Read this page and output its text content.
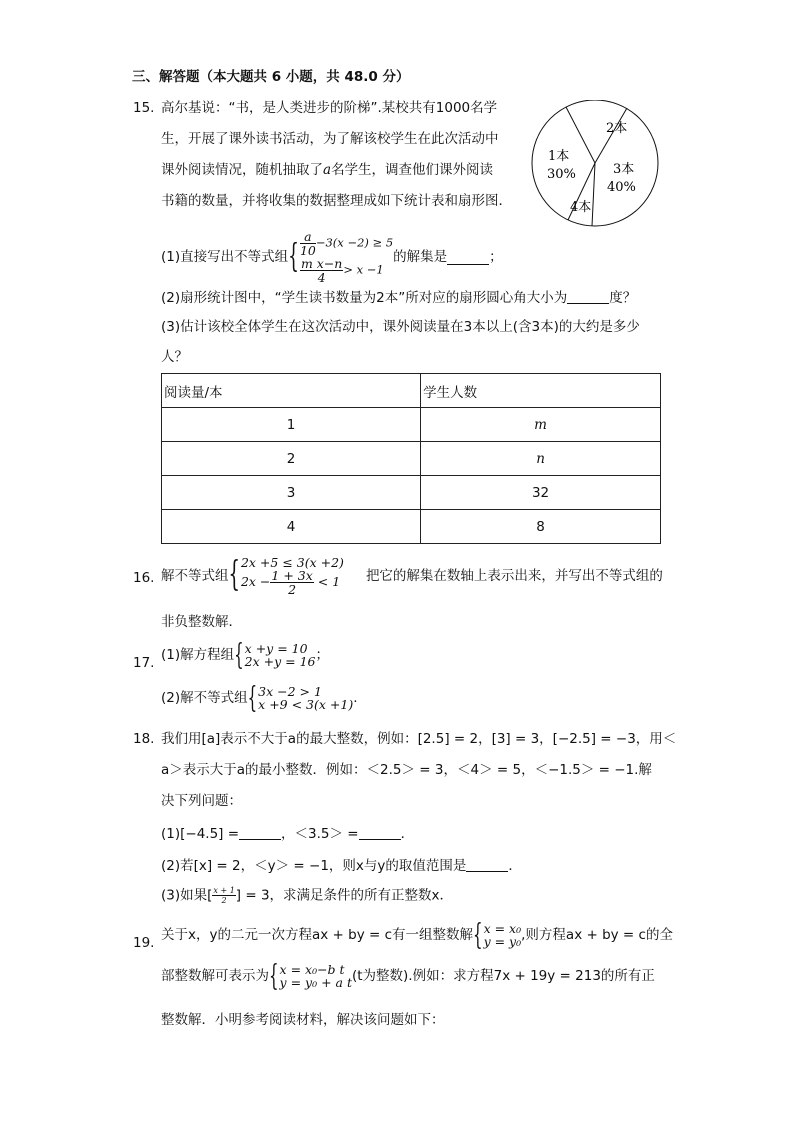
三、解答题（本大题共 6 小题，共 48.0 分）
15. 高尔基说：“书，是人类进步的阶梯”.某校共有1000名学
生，开展了课外读书活动，为了解该校学生在此次活动中
课外阅读情况，随机抽取了a名学生，调查他们课外阅读
书籍的数量，并将收集的数据整理成如下统计表和扇形图．
2本
1本
30%	3本
40%
4本
(1)直接写出不等式组{ $\frac{a}{10} -3(x -2) \ge 5$
$\frac{\text{m x−n}}{4} > x -1$
的解集是	；
(2)扇形统计图中，“学生读书数量为2本”所对应的扇形圆心角大小为	度？
(3)估计该校全体学生在这次活动中，课外阅读量在3本以上(含3本)的大约是多少
人？
阅读量/本	学生人数
1	m
2	n
3	32
4	8
16. 解不等式组{ 2x +5 ≤ 3(x +2)
$2x - \frac{1 + 3x}{2} < 1$ 把它的解集在数轴上表示出来，并写出不等式组的
非负整数解．
17. (1)解方程组{ x +y = 10
2x +y = 16 ；
(2)解不等式组{ 3x −2 > 1
x +9 < 3(x +1) .
18. 我们用[a]表示不大于a的最大整数，例如：[2.5] = 2，[3] = 3，[−2.5] = −3，用＜
a＞表示大于a的最小整数．例如：＜2.5＞ = 3，＜4＞ = 5，＜−1.5＞ = −1.解
决下列问题：
(1)[−4.5] =	，＜3.5＞ =	．
(2)若[x] = 2，＜y＞ = −1，则x与y的取值范围是	．
(3)如果[ $\frac{x + 1}{2}$ ] = 3，求满足条件的所有正整数x．
19. 关于x，y的二元一次方程ax + by = c有一组整数解{ x = x₀
y = y₀ ,则方程ax + by = c的全
部整数解可表示为{ x = x₀−b t
y = y₀ + a t (t为整数).例如：求方程7x + 19y = 213的所有正
整数解．小明参考阅读材料，解决该问题如下：
